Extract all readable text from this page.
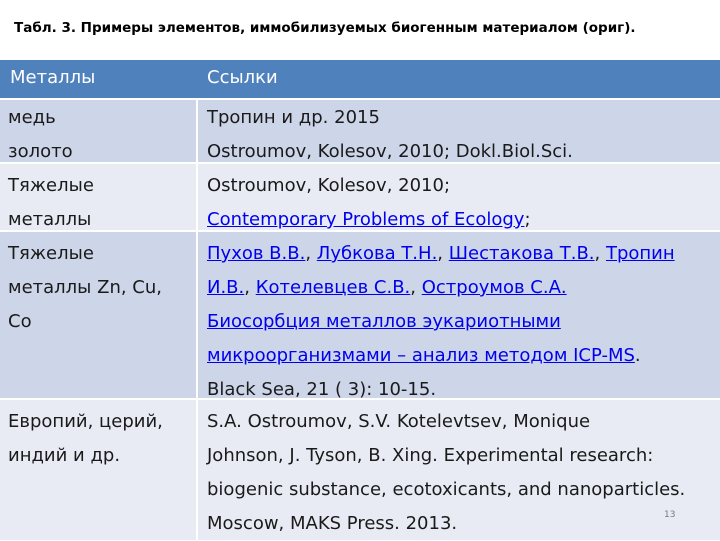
Табл. 3. Примеры элементов, иммобилизуемых биогенным материалом (ориг).
Металлы	Ссылки
медь
золото
Тропин и др. 2015
Ostroumov, Kolesov, 2010; Dokl.Biol.Sci.
Тяжелые
металлы
Ostroumov, Kolesov, 2010;
Contemporary Problems of Ecology;
Тяжелые
металлы Zn, Cu,
Co
Пухов В.В., Лубкова Т.Н., Шестакова Т.В., Тропин
И.В., Котелевцев С.В., Остроумов С.А.
Биосорбция металлов эукариотными
микроорганизмами – анализ методом ICP-MS.
Black Sea, 21 ( 3): 10-15.
Европий, церий,
индий и др.
S.A. Ostroumov, S.V. Kotelevtsev, Monique
Johnson, J. Tyson, B. Xing. Experimental research:
biogenic substance, ecotoxicants, and nanoparticles.
Moscow, MAKS Press. 2013.	13
